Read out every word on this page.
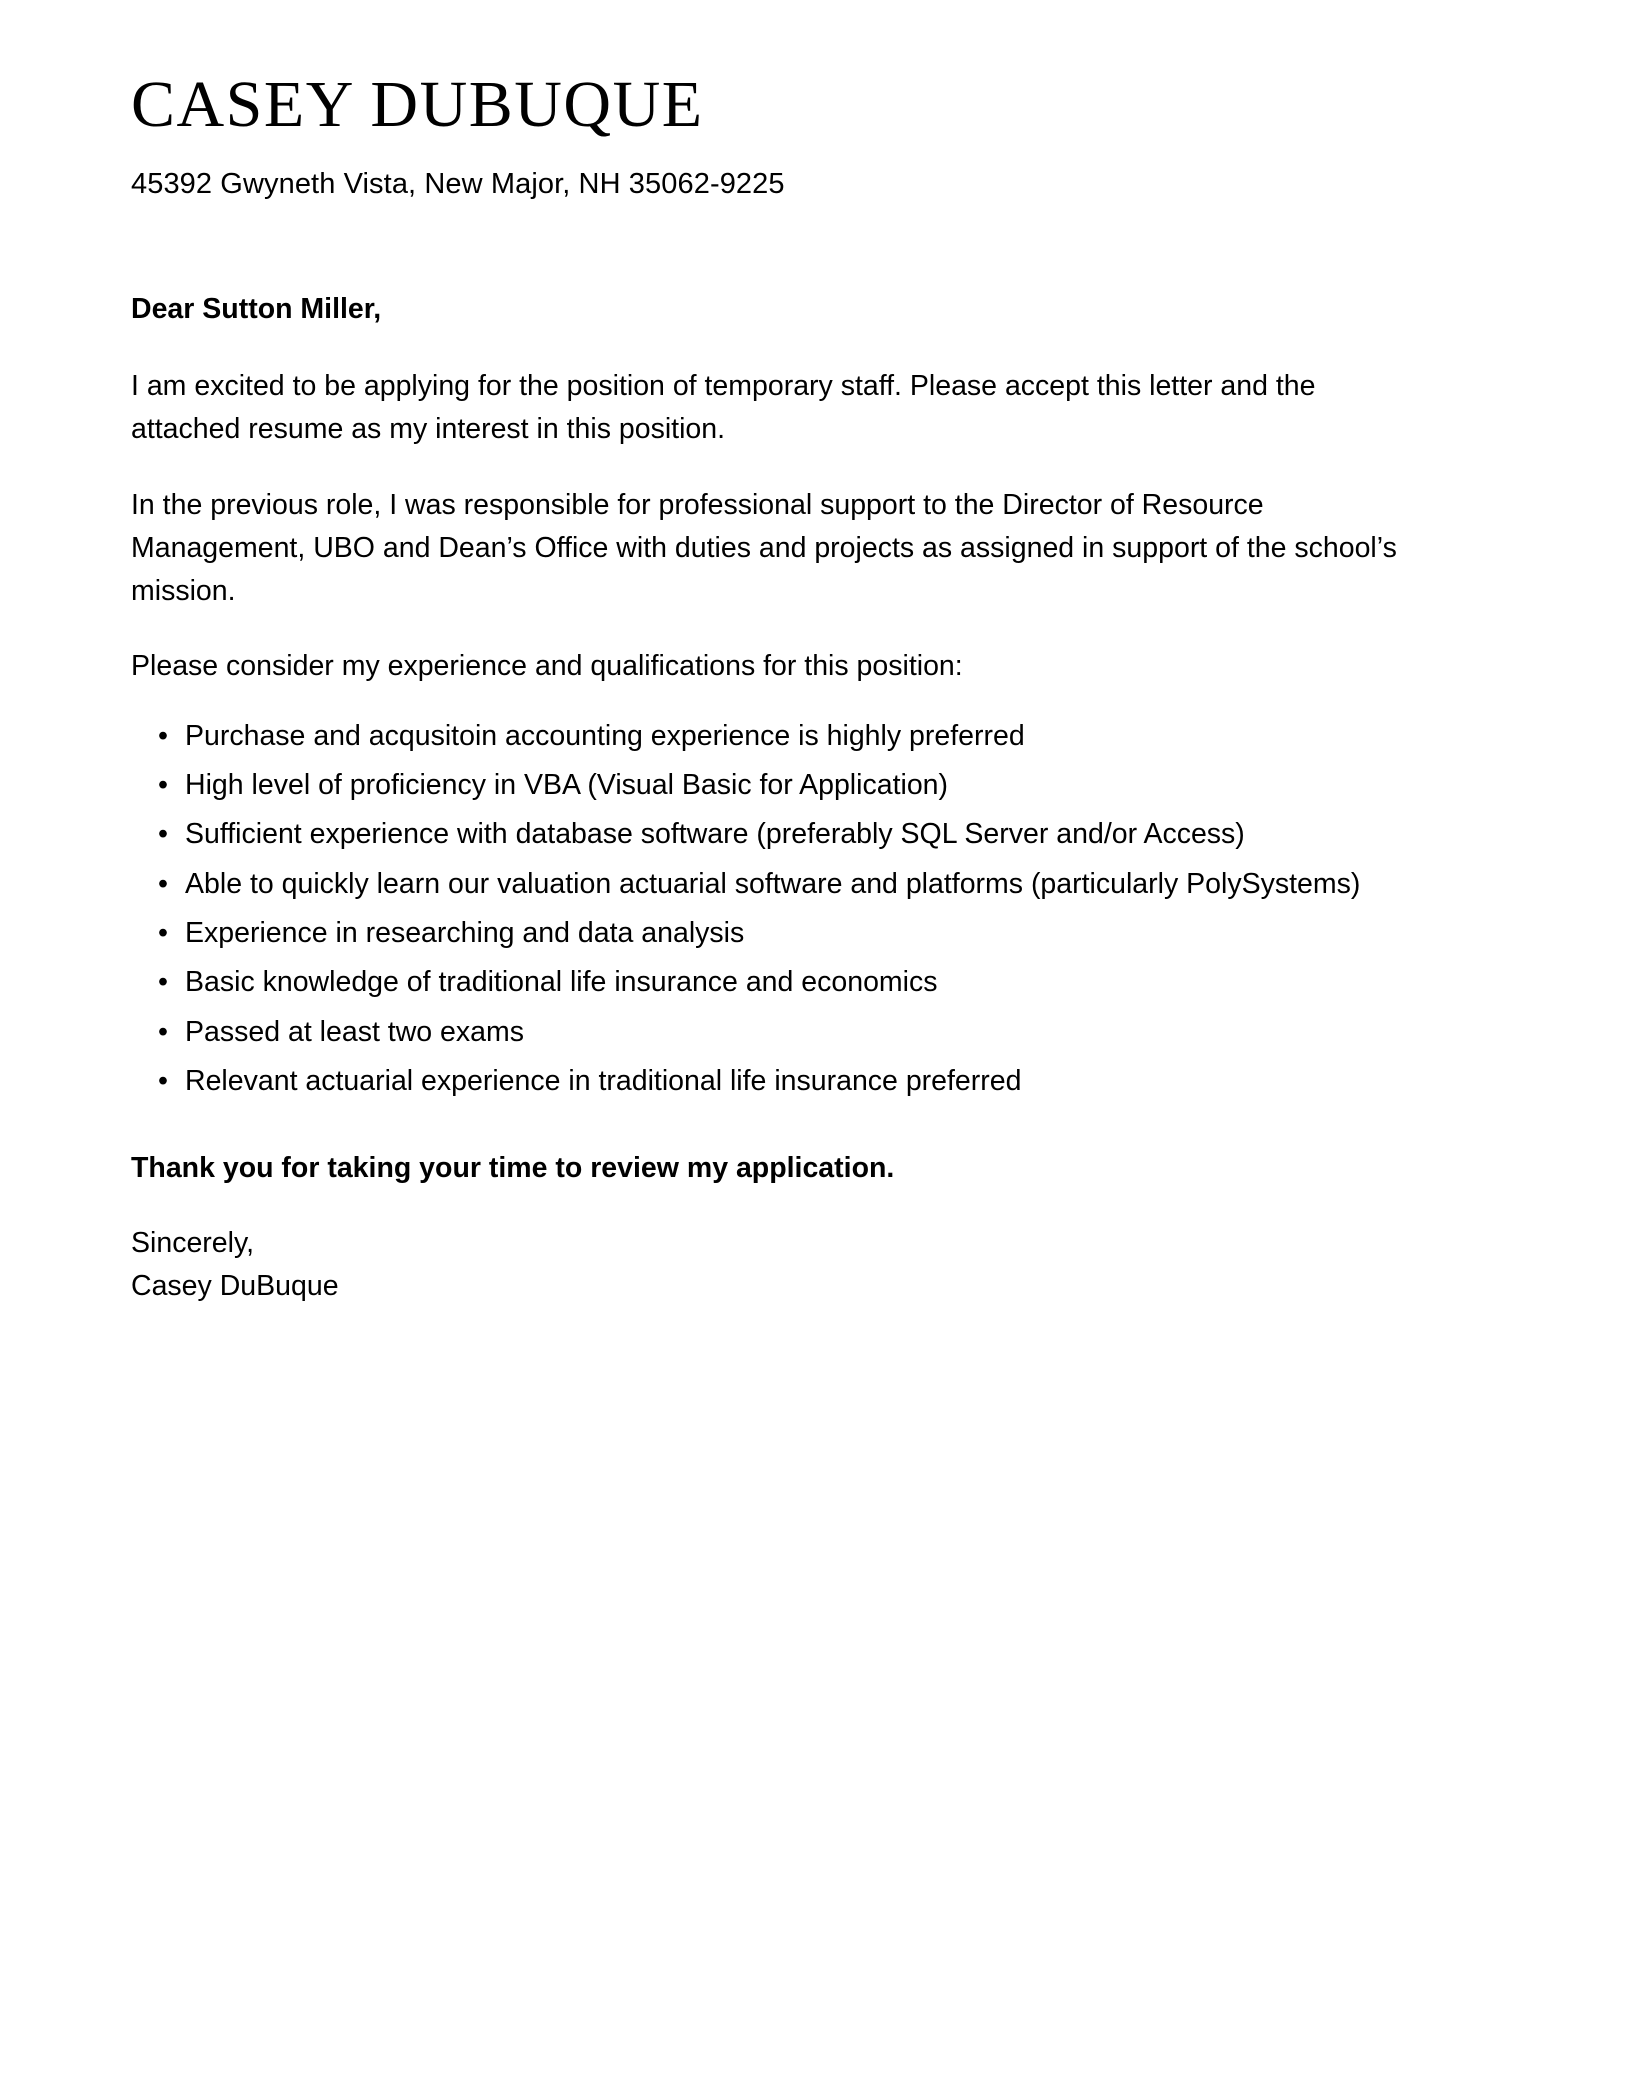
CASEY DUBUQUE

45392 Gwyneth Vista, New Major, NH 35062-9225

Dear Sutton Miller,

I am excited to be applying for the position of temporary staff. Please accept this letter and the attached resume as my interest in this position.

In the previous role, I was responsible for professional support to the Director of Resource Management, UBO and Dean’s Office with duties and projects as assigned in support of the school’s mission.

Please consider my experience and qualifications for this position:

• Purchase and acqusitoin accounting experience is highly preferred
• High level of proficiency in VBA (Visual Basic for Application)
• Sufficient experience with database software (preferably SQL Server and/or Access)
• Able to quickly learn our valuation actuarial software and platforms (particularly PolySystems)
• Experience in researching and data analysis
• Basic knowledge of traditional life insurance and economics
• Passed at least two exams
• Relevant actuarial experience in traditional life insurance preferred

Thank you for taking your time to review my application.

Sincerely,
Casey DuBuque
